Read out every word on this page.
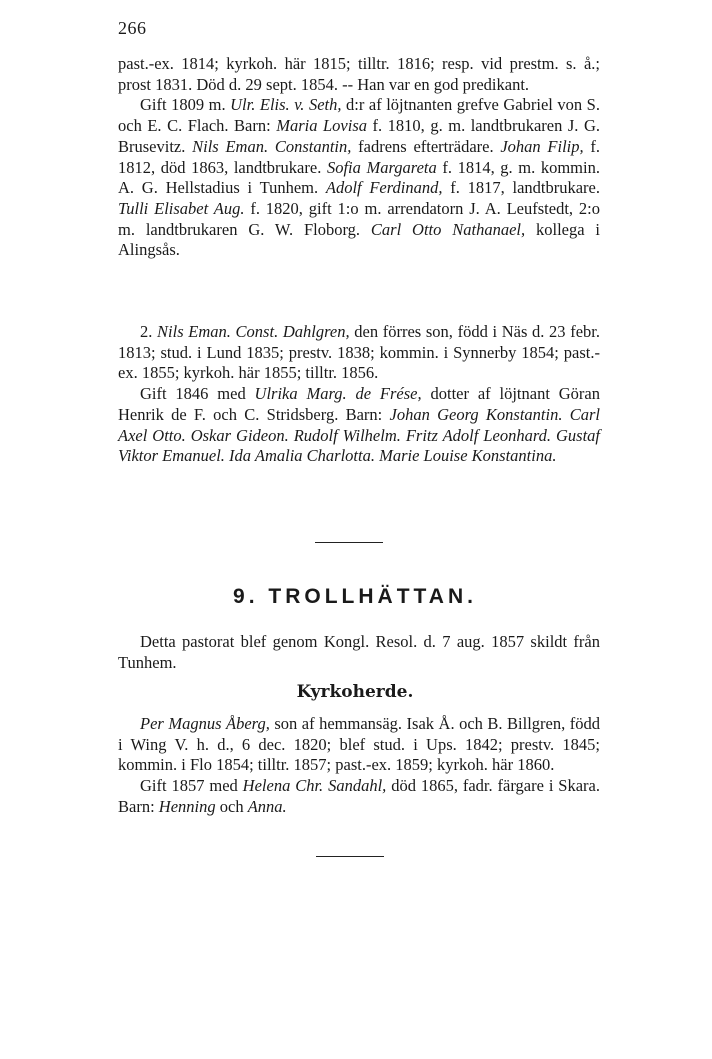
266

past.-ex. 1814; kyrkoh. här 1815; tilltr. 1816; resp. vid prestm. s. å.; prost 1831. Död d. 29 sept. 1854. -- Han var en god predikant.

Gift 1809 m. Ulr. Elis. v. Seth, d:r af löjtnanten grefve Gabriel von S. och E. C. Flach. Barn: Maria Lovisa f. 1810, g. m. landtbrukaren J. G. Brusevitz. Nils Eman. Constantin, fadrens efterträdare. Johan Filip, f. 1812, död 1863, landtbrukare. Sofia Margareta f. 1814, g. m. kommin. A. G. Hellstadius i Tunhem. Adolf Ferdinand, f. 1817, landtbrukare. Tulli Elisabet Aug. f. 1820, gift 1:o m. arrendatorn J. A. Leufstedt, 2:o m. landtbrukaren G. W. Floborg. Carl Otto Nathanael, kollega i Alingsås.

2. Nils Eman. Const. Dahlgren, den förres son, född i Näs d. 23 febr. 1813; stud. i Lund 1835; prestv. 1838; kommin. i Synnerby 1854; past.-ex. 1855; kyrkoh. här 1855; tilltr. 1856.

Gift 1846 med Ulrika Marg. de Frése, dotter af löjtnant Göran Henrik de F. och C. Stridsberg. Barn: Johan Georg Konstantin. Carl Axel Otto. Oskar Gideon. Rudolf Wilhelm. Fritz Adolf Leonhard. Gustaf Viktor Emanuel. Ida Amalia Charlotta. Marie Louise Konstantina.

9. TROLLHÄTTAN.

Detta pastorat blef genom Kongl. Resol. d. 7 aug. 1857 skildt från Tunhem.

Kyrkoherde.

Per Magnus Åberg, son af hemmansäg. Isak Å. och B. Billgren, född i Wing V. h. d., 6 dec. 1820; blef stud. i Ups. 1842; prestv. 1845; kommin. i Flo 1854; tilltr. 1857; past.-ex. 1859; kyrkoh. här 1860.

Gift 1857 med Helena Chr. Sandahl, död 1865, fadr. färgare i Skara. Barn: Henning och Anna.
